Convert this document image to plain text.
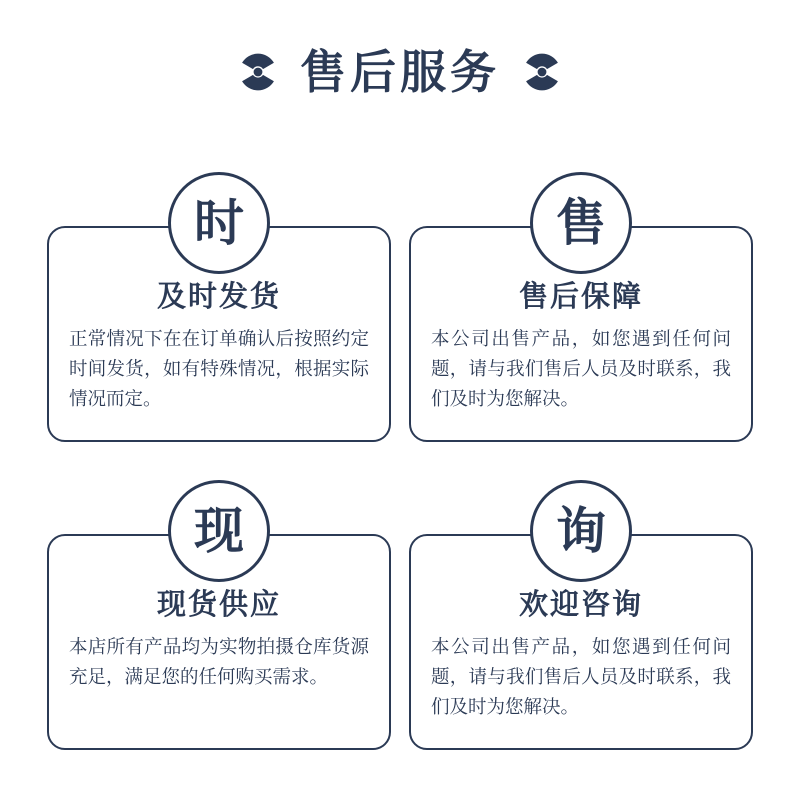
售后服务
时
及时发货
正常情况下在在订单确认后按照约定时间发货，如有特殊情况，根据实际情况而定。
售
售后保障
本公司出售产品，如您遇到任何问题，请与我们售后人员及时联系，我们及时为您解决。
现
现货供应
本店所有产品均为实物拍摄仓库货源充足，满足您的任何购买需求。
询
欢迎咨询
本公司出售产品，如您遇到任何问题，请与我们售后人员及时联系，我们及时为您解决。
